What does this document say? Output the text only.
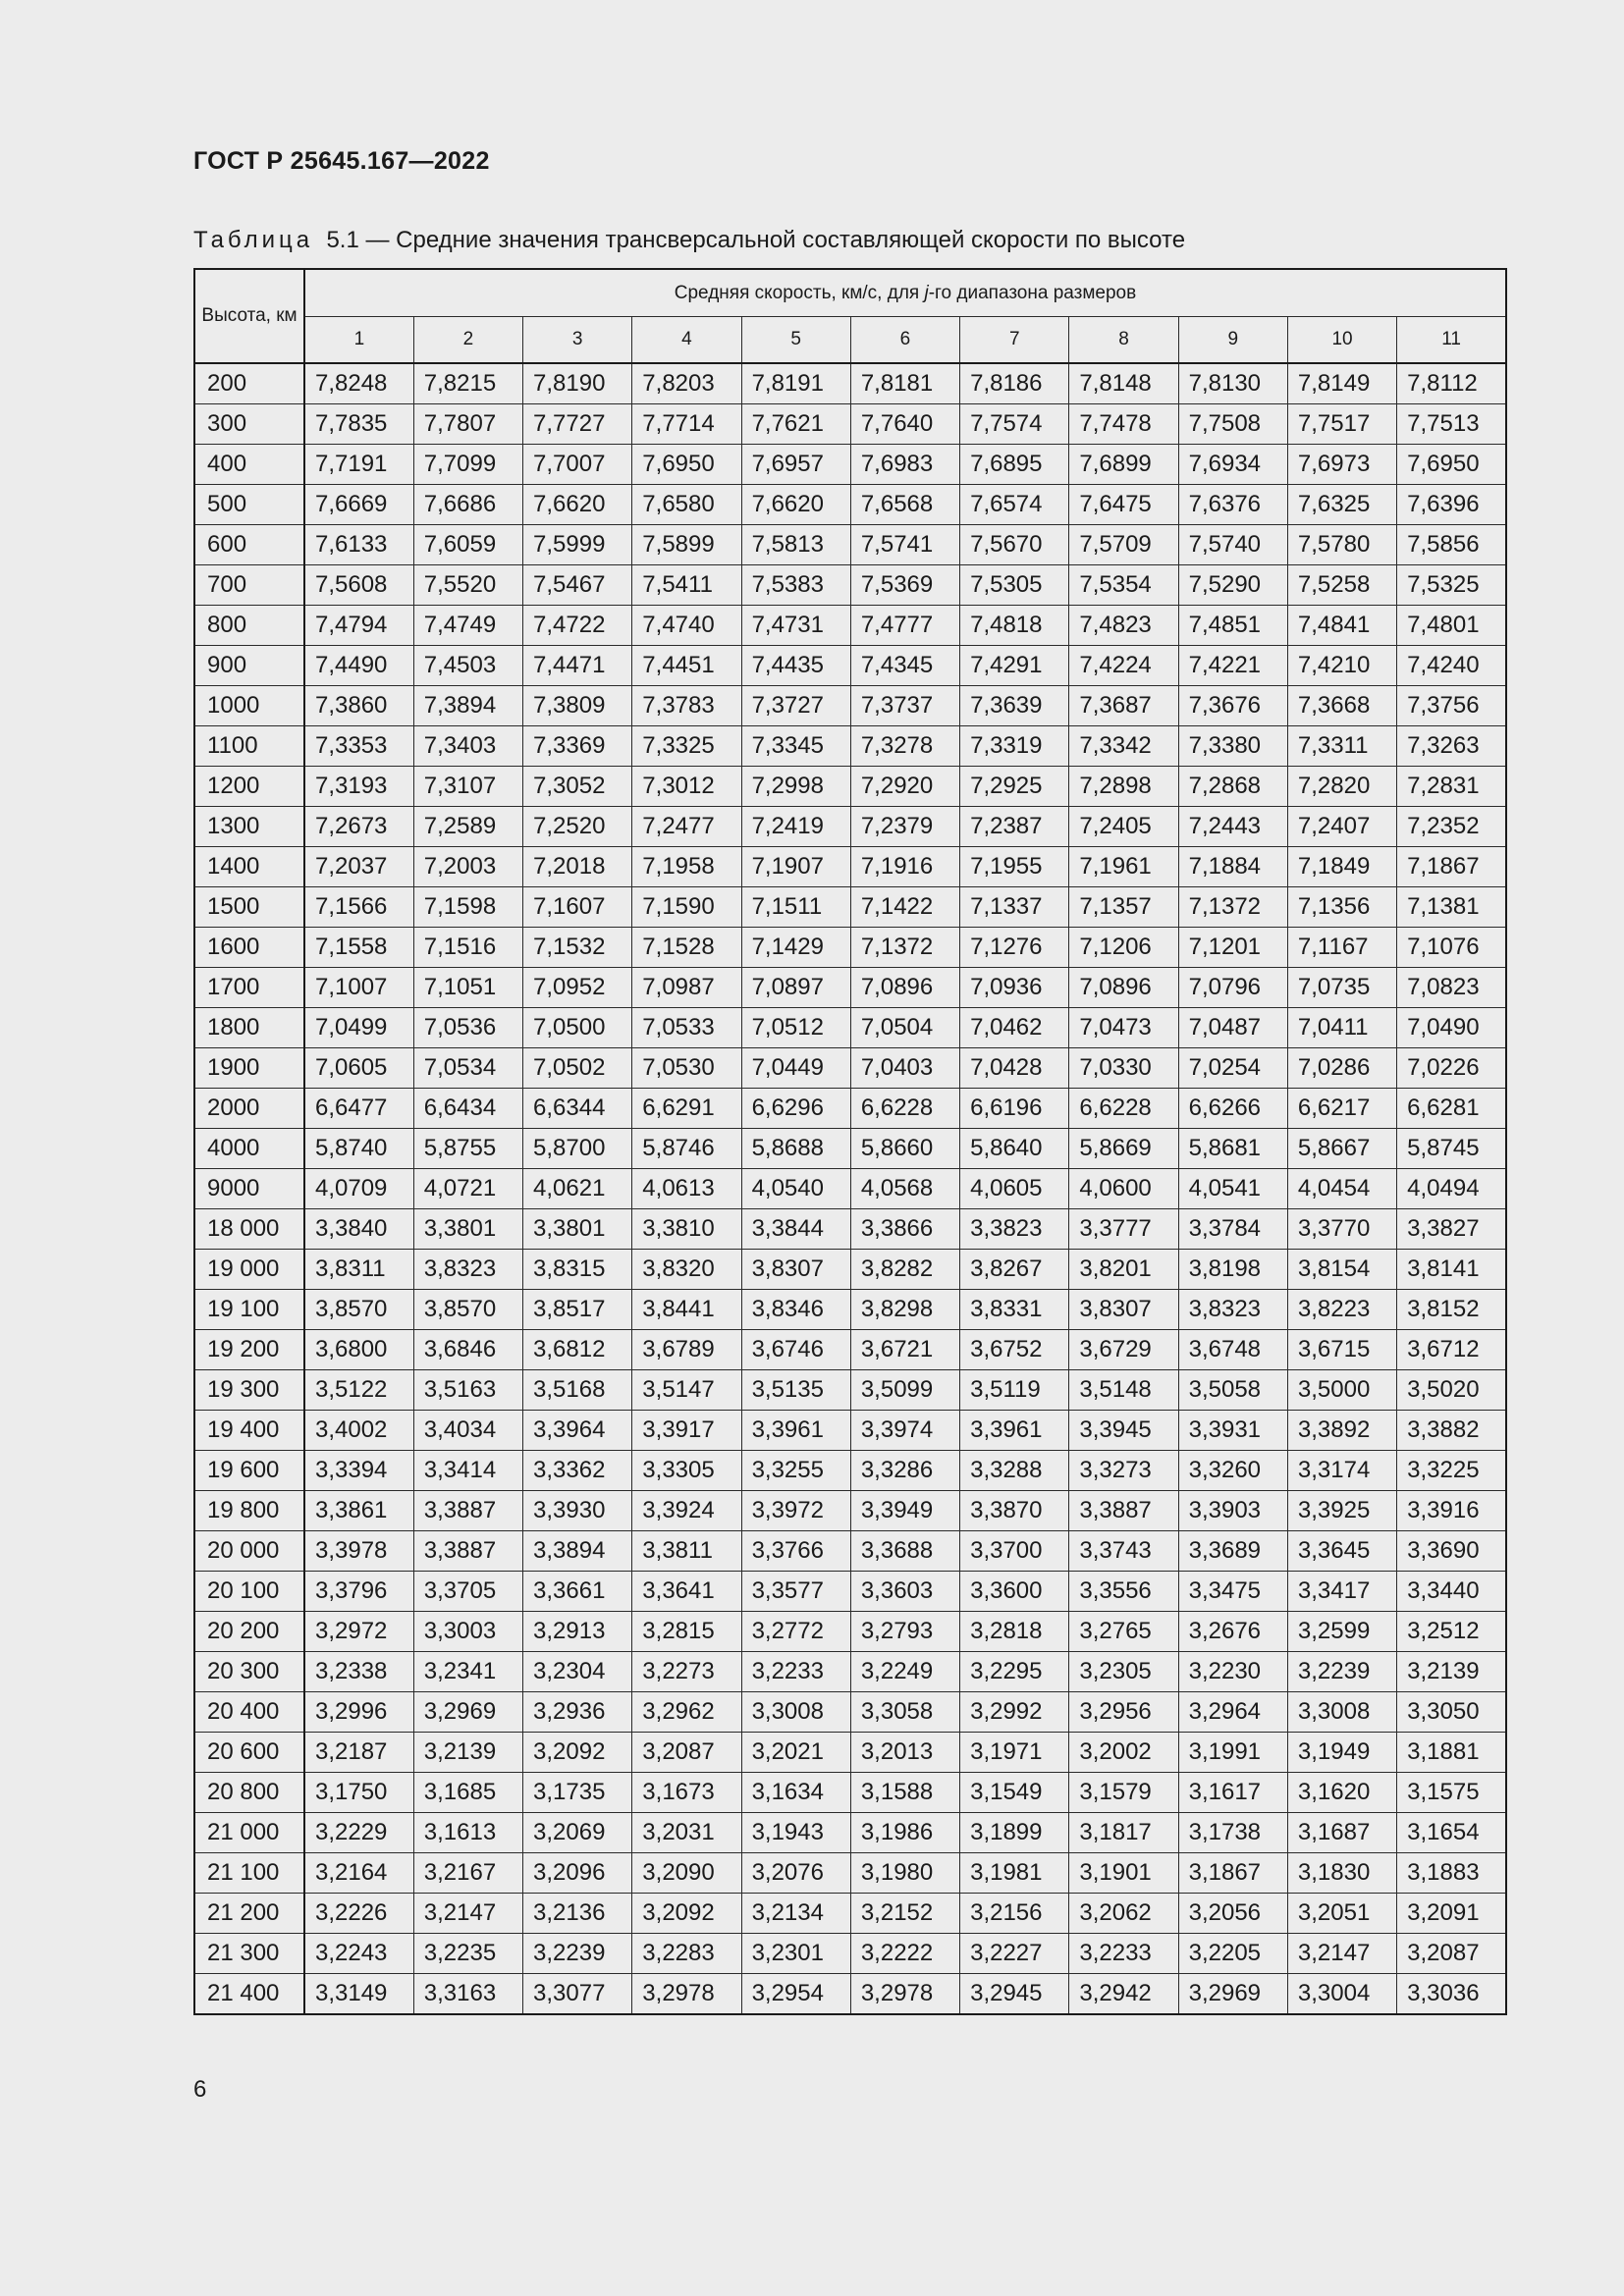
ГОСТ Р 25645.167—2022
Таблица 5.1 — Средние значения трансверсальной составляющей скорости по высоте
Высота, км	Средняя скорость, км/с, для j-го диапазона размеров										
	1	2	3	4	5	6	7	8	9	10	11
200	7,8248	7,8215	7,8190	7,8203	7,8191	7,8181	7,8186	7,8148	7,8130	7,8149	7,8112
300	7,7835	7,7807	7,7727	7,7714	7,7621	7,7640	7,7574	7,7478	7,7508	7,7517	7,7513
400	7,7191	7,7099	7,7007	7,6950	7,6957	7,6983	7,6895	7,6899	7,6934	7,6973	7,6950
500	7,6669	7,6686	7,6620	7,6580	7,6620	7,6568	7,6574	7,6475	7,6376	7,6325	7,6396
600	7,6133	7,6059	7,5999	7,5899	7,5813	7,5741	7,5670	7,5709	7,5740	7,5780	7,5856
700	7,5608	7,5520	7,5467	7,5411	7,5383	7,5369	7,5305	7,5354	7,5290	7,5258	7,5325
800	7,4794	7,4749	7,4722	7,4740	7,4731	7,4777	7,4818	7,4823	7,4851	7,4841	7,4801
900	7,4490	7,4503	7,4471	7,4451	7,4435	7,4345	7,4291	7,4224	7,4221	7,4210	7,4240
1000	7,3860	7,3894	7,3809	7,3783	7,3727	7,3737	7,3639	7,3687	7,3676	7,3668	7,3756
1100	7,3353	7,3403	7,3369	7,3325	7,3345	7,3278	7,3319	7,3342	7,3380	7,3311	7,3263
1200	7,3193	7,3107	7,3052	7,3012	7,2998	7,2920	7,2925	7,2898	7,2868	7,2820	7,2831
1300	7,2673	7,2589	7,2520	7,2477	7,2419	7,2379	7,2387	7,2405	7,2443	7,2407	7,2352
1400	7,2037	7,2003	7,2018	7,1958	7,1907	7,1916	7,1955	7,1961	7,1884	7,1849	7,1867
1500	7,1566	7,1598	7,1607	7,1590	7,1511	7,1422	7,1337	7,1357	7,1372	7,1356	7,1381
1600	7,1558	7,1516	7,1532	7,1528	7,1429	7,1372	7,1276	7,1206	7,1201	7,1167	7,1076
1700	7,1007	7,1051	7,0952	7,0987	7,0897	7,0896	7,0936	7,0896	7,0796	7,0735	7,0823
1800	7,0499	7,0536	7,0500	7,0533	7,0512	7,0504	7,0462	7,0473	7,0487	7,0411	7,0490
1900	7,0605	7,0534	7,0502	7,0530	7,0449	7,0403	7,0428	7,0330	7,0254	7,0286	7,0226
2000	6,6477	6,6434	6,6344	6,6291	6,6296	6,6228	6,6196	6,6228	6,6266	6,6217	6,6281
4000	5,8740	5,8755	5,8700	5,8746	5,8688	5,8660	5,8640	5,8669	5,8681	5,8667	5,8745
9000	4,0709	4,0721	4,0621	4,0613	4,0540	4,0568	4,0605	4,0600	4,0541	4,0454	4,0494
18 000	3,3840	3,3801	3,3801	3,3810	3,3844	3,3866	3,3823	3,3777	3,3784	3,3770	3,3827
19 000	3,8311	3,8323	3,8315	3,8320	3,8307	3,8282	3,8267	3,8201	3,8198	3,8154	3,8141
19 100	3,8570	3,8570	3,8517	3,8441	3,8346	3,8298	3,8331	3,8307	3,8323	3,8223	3,8152
19 200	3,6800	3,6846	3,6812	3,6789	3,6746	3,6721	3,6752	3,6729	3,6748	3,6715	3,6712
19 300	3,5122	3,5163	3,5168	3,5147	3,5135	3,5099	3,5119	3,5148	3,5058	3,5000	3,5020
19 400	3,4002	3,4034	3,3964	3,3917	3,3961	3,3974	3,3961	3,3945	3,3931	3,3892	3,3882
19 600	3,3394	3,3414	3,3362	3,3305	3,3255	3,3286	3,3288	3,3273	3,3260	3,3174	3,3225
19 800	3,3861	3,3887	3,3930	3,3924	3,3972	3,3949	3,3870	3,3887	3,3903	3,3925	3,3916
20 000	3,3978	3,3887	3,3894	3,3811	3,3766	3,3688	3,3700	3,3743	3,3689	3,3645	3,3690
20 100	3,3796	3,3705	3,3661	3,3641	3,3577	3,3603	3,3600	3,3556	3,3475	3,3417	3,3440
20 200	3,2972	3,3003	3,2913	3,2815	3,2772	3,2793	3,2818	3,2765	3,2676	3,2599	3,2512
20 300	3,2338	3,2341	3,2304	3,2273	3,2233	3,2249	3,2295	3,2305	3,2230	3,2239	3,2139
20 400	3,2996	3,2969	3,2936	3,2962	3,3008	3,3058	3,2992	3,2956	3,2964	3,3008	3,3050
20 600	3,2187	3,2139	3,2092	3,2087	3,2021	3,2013	3,1971	3,2002	3,1991	3,1949	3,1881
20 800	3,1750	3,1685	3,1735	3,1673	3,1634	3,1588	3,1549	3,1579	3,1617	3,1620	3,1575
21 000	3,2229	3,1613	3,2069	3,2031	3,1943	3,1986	3,1899	3,1817	3,1738	3,1687	3,1654
21 100	3,2164	3,2167	3,2096	3,2090	3,2076	3,1980	3,1981	3,1901	3,1867	3,1830	3,1883
21 200	3,2226	3,2147	3,2136	3,2092	3,2134	3,2152	3,2156	3,2062	3,2056	3,2051	3,2091
21 300	3,2243	3,2235	3,2239	3,2283	3,2301	3,2222	3,2227	3,2233	3,2205	3,2147	3,2087
21 400	3,3149	3,3163	3,3077	3,2978	3,2954	3,2978	3,2945	3,2942	3,2969	3,3004	3,3036
6
